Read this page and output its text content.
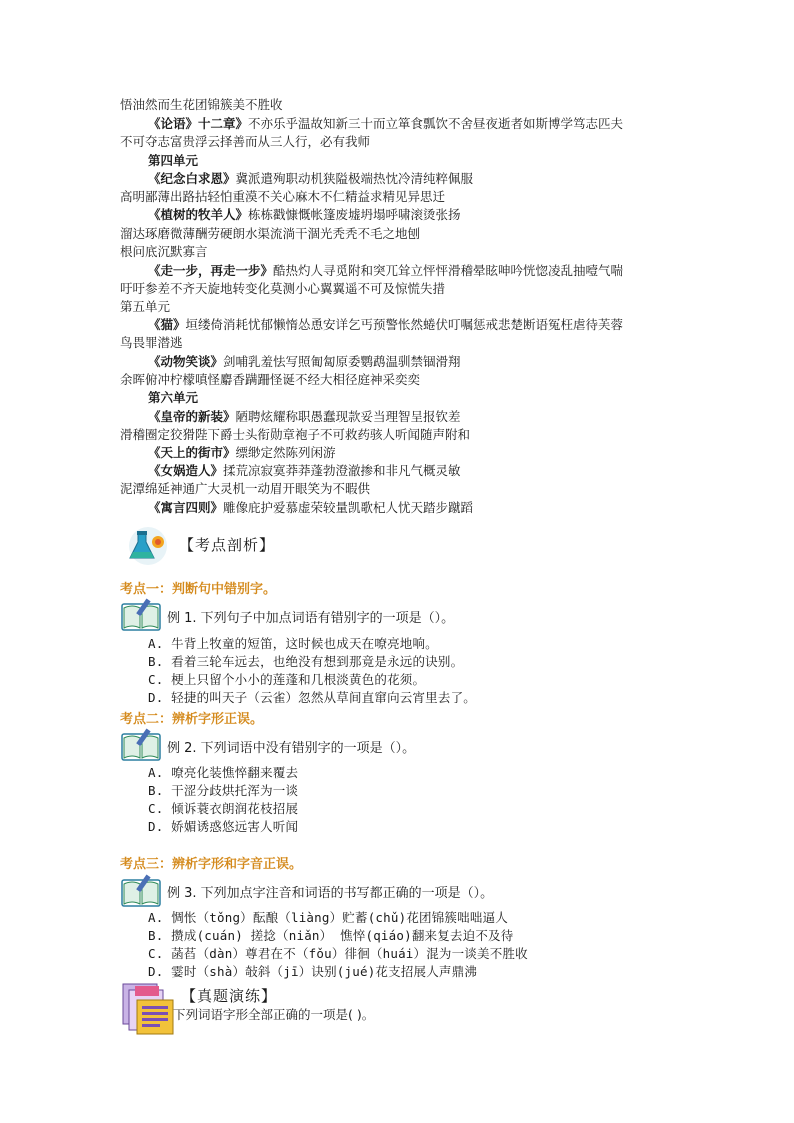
悟油然而生花团锦簇美不胜收
《论语》十二章》不亦乐乎温故知新三十而立箪食瓢饮不舍昼夜逝者如斯博学笃志匹夫
不可夺志富贵浮云择善而从三人行，必有我师
第四单元
《纪念白求恩》冀派遣殉职动机狭隘极端热忱冷清纯粹佩服
高明鄙薄出路拈轻怕重漠不关心麻木不仁精益求精见异思迁
《植树的牧羊人》栋栋戳慷慨帐篷废墟坍塌呼啸滚烫张扬
溜达琢磨微薄酬劳硬朗水渠流淌干涸光秃秃不毛之地刨
根问底沉默寡言
《走一步，再走一步》酷热灼人寻觅附和突兀耸立怦怦滑稽晕眩呻吟恍惚凌乱抽噎气喘
吁吁参差不齐天旋地转变化莫测小心翼翼遥不可及惊慌失措
第五单元
《猫》垣缕倚消耗忧郁懒惰怂恿安详乞丐预警怅然蜷伏叮嘱惩戒悲楚断语冤枉虐待芙蓉
鸟畏罪潜逃
《动物笑谈》剑哺乳羞怯写照匍匐原委鹦鹉温驯禁锢滑翔
余晖俯冲柠檬嗔怪麝香蹒跚怪诞不经大相径庭神采奕奕
第六单元
《皇帝的新装》陋聘炫耀称职愚蠢现款妥当理智呈报钦差
滑稽圈定狡猾陛下爵士头衔勋章袍子不可救药骇人听闻随声附和
《天上的街市》缥缈定然陈列闲游
《女娲造人》揉荒凉寂寞莽莽蓬勃澄澈掺和非凡气概灵敏
泥潭绵延神通广大灵机一动眉开眼笑为不暇供
《寓言四则》雕像庇护爱慕虚荣较量凯歌杞人忧天踏步蹴蹈
【考点剖析】
考点一：判断句中错别字。
例 1. 下列句子中加点词语有错别字的一项是（）。
A. 牛背上牧童的短笛，这时候也成天在嘹亮地响。
B. 看着三轮车远去，也绝没有想到那竟是永远的诀别。
C. 梗上只留个小小的莲蓬和几根淡黄色的花须。
D. 轻捷的叫天子（云雀）忽然从草间直窜向云宵里去了。
考点二：辨析字形正误。
例 2. 下列词语中没有错别字的一项是（）。
A. 嘹亮化装憔悴翻来覆去
B. 干涩分歧烘托浑为一谈
C. 倾诉蓑衣朗润花枝招展
D. 娇媚诱惑悠远害人听闻
考点三：辨析字形和字音正误。
例 3. 下列加点字注音和词语的书写都正确的一项是（）。
A. 惆怅（tǒng）酝酿（liàng）贮蓄(chǔ)花团锦簇咄咄逼人
B. 攒成(cuán) 搓捻（niǎn） 憔悴(qiáo)翻来复去迫不及待
C. 菡萏（dàn）尊君在不（fǒu）徘徊（huái）混为一谈美不胜收
D. 霎时（shà）敧斜（jī）诀别(jué)花支招展人声鼎沸
【真题演练】
下列词语字形全部正确的一项是( )。
